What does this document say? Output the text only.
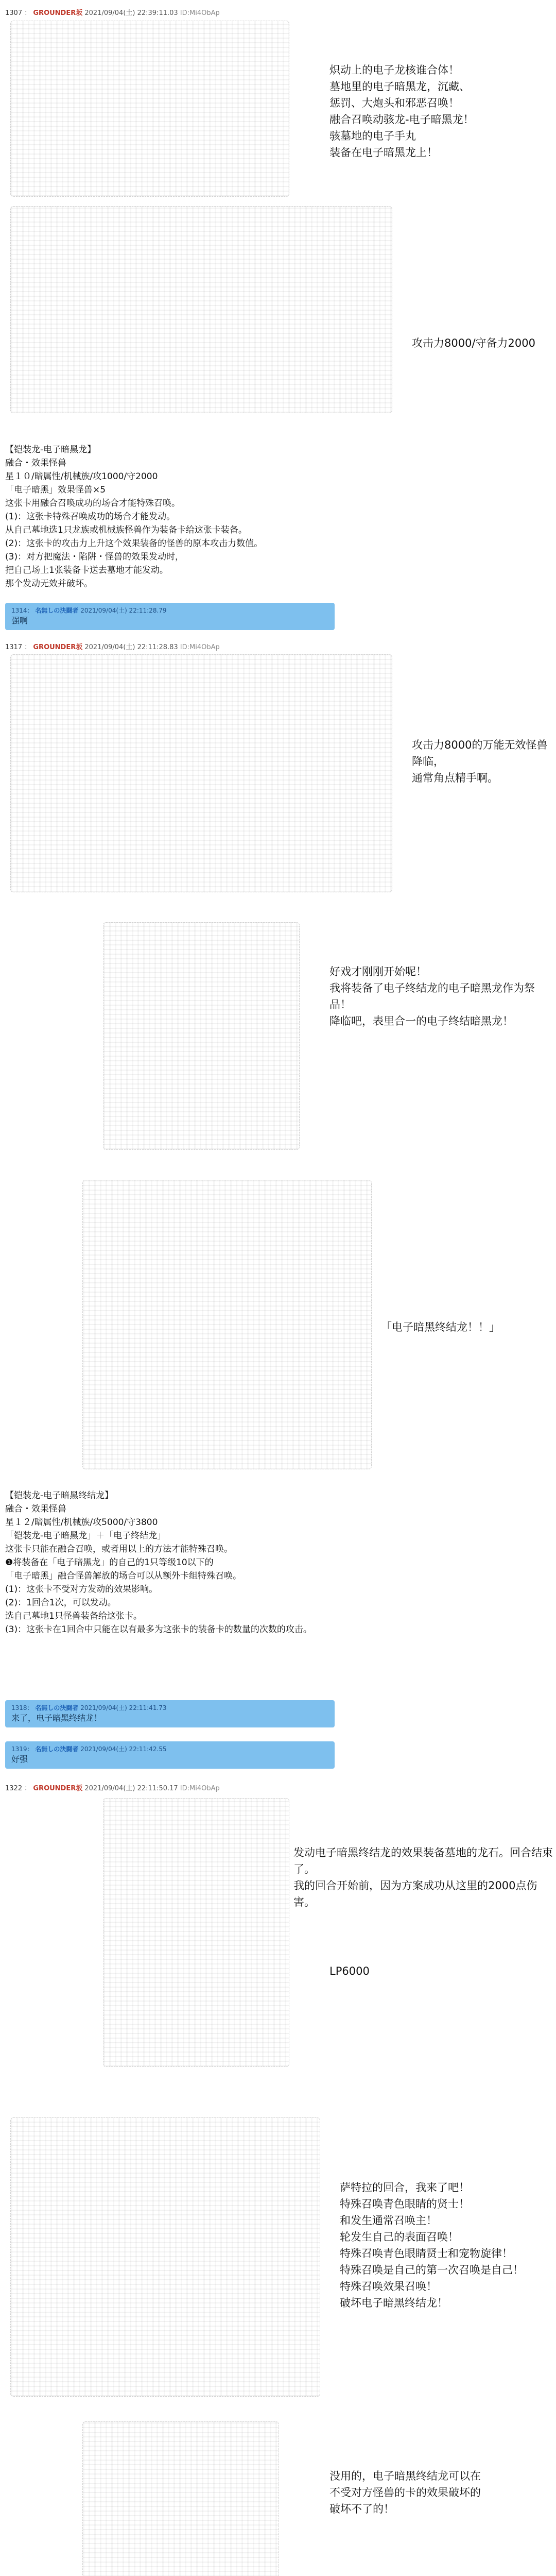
1307 ： GROUNDER坂 2021/09/04(土) 22:39:11.03 ID:Mi4ObAp
炽动上的电子龙核谁合体！
墓地里的电子暗黑龙，沉藏、
惩罚、大炮头和邪恶召唤！
融合召唤动骇龙-电子暗黑龙！
骇墓地的电子手丸
装备在电子暗黑龙上！
攻击力8000/守备力2000
【铠装龙-电子暗黑龙】
融合・效果怪兽
星１０/暗属性/机械族/攻1000/守2000
「电子暗黑」效果怪兽×5
这张卡用融合召唤成功的场合才能特殊召唤。
(1)：这张卡特殊召唤成功的场合才能发动。
从自己墓地选1只龙族或机械族怪兽作为装备卡给这张卡装备。
(2)：这张卡的攻击力上升这个效果装备的怪兽的原本攻击力数值。
(3)：对方把魔法・陷阱・怪兽的效果发动时，
把自己场上1张装备卡送去墓地才能发动。
那个发动无效并破坏。
1314： 名無しの決闘者 2021/09/04(土) 22:11:28.79
强啊
1317 ： GROUNDER坂 2021/09/04(土) 22:11:28.83 ID:Mi4ObAp
攻击力8000的万能无效怪兽降临，
通常角点精手啊。
好戏才刚刚开始呢！
我将装备了电子终结龙的电子暗黑龙作为祭品！
降临吧，表里合一的电子终结暗黑龙！
「电子暗黑终结龙！！」
【铠装龙-电子暗黑终结龙】
融合・效果怪兽
星１２/暗属性/机械族/攻5000/守3800
「铠装龙-电子暗黑龙」＋「电子终结龙」
这张卡只能在融合召唤，或者用以上的方法才能特殊召唤。
❶将装备在「电子暗黑龙」的自己的1只等级10以下的
「电子暗黑」融合怪兽解放的场合可以从额外卡组特殊召唤。
(1)：这张卡不受对方发动的效果影响。
(2)：1回合1次，可以发动。
选自己墓地1只怪兽装备给这张卡。
(3)：这张卡在1回合中只能在以有最多为这张卡的装备卡的数量的次数的攻击。
1318： 名無しの決闘者 2021/09/04(土) 22:11:41.73
来了，电子暗黑终结龙！
1319： 名無しの決闘者 2021/09/04(土) 22:11:42.55
好强
1322 ： GROUNDER坂 2021/09/04(土) 22:11:50.17 ID:Mi4ObAp
发动电子暗黑终结龙的效果装备墓地的龙石。回合结束了。
我的回合开始前，因为方案成功从这里的2000点伤害。
LP6000
萨特拉的回合，我来了吧！
特殊召唤青色眼睛的贤士！
和发生通常召唤主！
轮发生自己的表面召唤！
特殊召唤青色眼睛贤士和宠物旋律！
特殊召唤是自己的第一次召唤是自己！
特殊召唤效果召唤！
破坏电子暗黑终结龙！
没用的，电子暗黑终结龙可以在
不受对方怪兽的卡的效果破坏的
破坏不了的！
